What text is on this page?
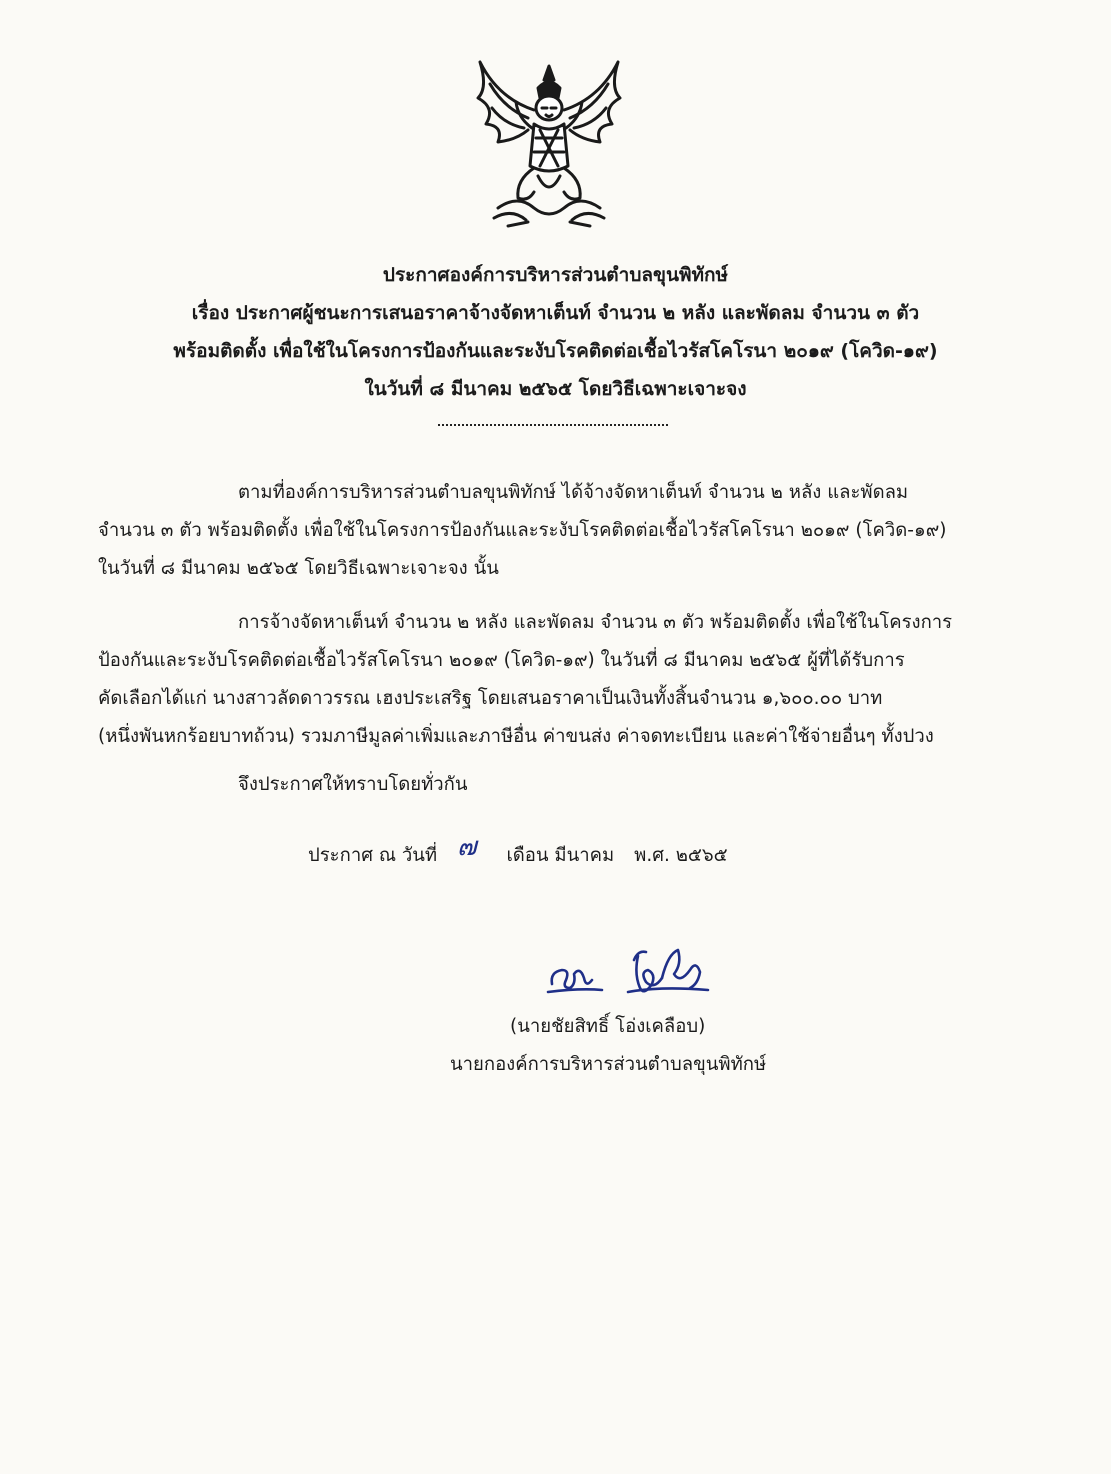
ประกาศองค์การบริหารส่วนตำบลขุนพิทักษ์
เรื่อง ประกาศผู้ชนะการเสนอราคาจ้างจัดหาเต็นท์ จำนวน ๒ หลัง และพัดลม จำนวน ๓ ตัว
พร้อมติดตั้ง เพื่อใช้ในโครงการป้องกันและระงับโรคติดต่อเชื้อไวรัสโคโรนา ๒๐๑๙ (โควิด-๑๙)
ในวันที่ ๘ มีนาคม ๒๕๖๕ โดยวิธีเฉพาะเจาะจง
ตามที่องค์การบริหารส่วนตำบลขุนพิทักษ์ ได้จ้างจัดหาเต็นท์ จำนวน ๒ หลัง และพัดลม
จำนวน ๓ ตัว พร้อมติดตั้ง เพื่อใช้ในโครงการป้องกันและระงับโรคติดต่อเชื้อไวรัสโคโรนา ๒๐๑๙ (โควิด-๑๙)
ในวันที่ ๘ มีนาคม ๒๕๖๕ โดยวิธีเฉพาะเจาะจง นั้น
การจ้างจัดหาเต็นท์ จำนวน ๒ หลัง และพัดลม จำนวน ๓ ตัว พร้อมติดตั้ง เพื่อใช้ในโครงการ
ป้องกันและระงับโรคติดต่อเชื้อไวรัสโคโรนา ๒๐๑๙ (โควิด-๑๙) ในวันที่ ๘ มีนาคม ๒๕๖๕ ผู้ที่ได้รับการ
คัดเลือกได้แก่ นางสาวลัดดาวรรณ เฮงประเสริฐ โดยเสนอราคาเป็นเงินทั้งสิ้นจำนวน ๑,๖๐๐.๐๐ บาท
(หนึ่งพันหกร้อยบาทถ้วน) รวมภาษีมูลค่าเพิ่มและภาษีอื่น ค่าขนส่ง ค่าจดทะเบียน และค่าใช้จ่ายอื่นๆ ทั้งปวง
จึงประกาศให้ทราบโดยทั่วกัน
ประกาศ ณ วันที่ ๗ เดือน มีนาคม พ.ศ. ๒๕๖๕
(นายชัยสิทธิ์ โอ่งเคลือบ)
นายกองค์การบริหารส่วนตำบลขุนพิทักษ์
